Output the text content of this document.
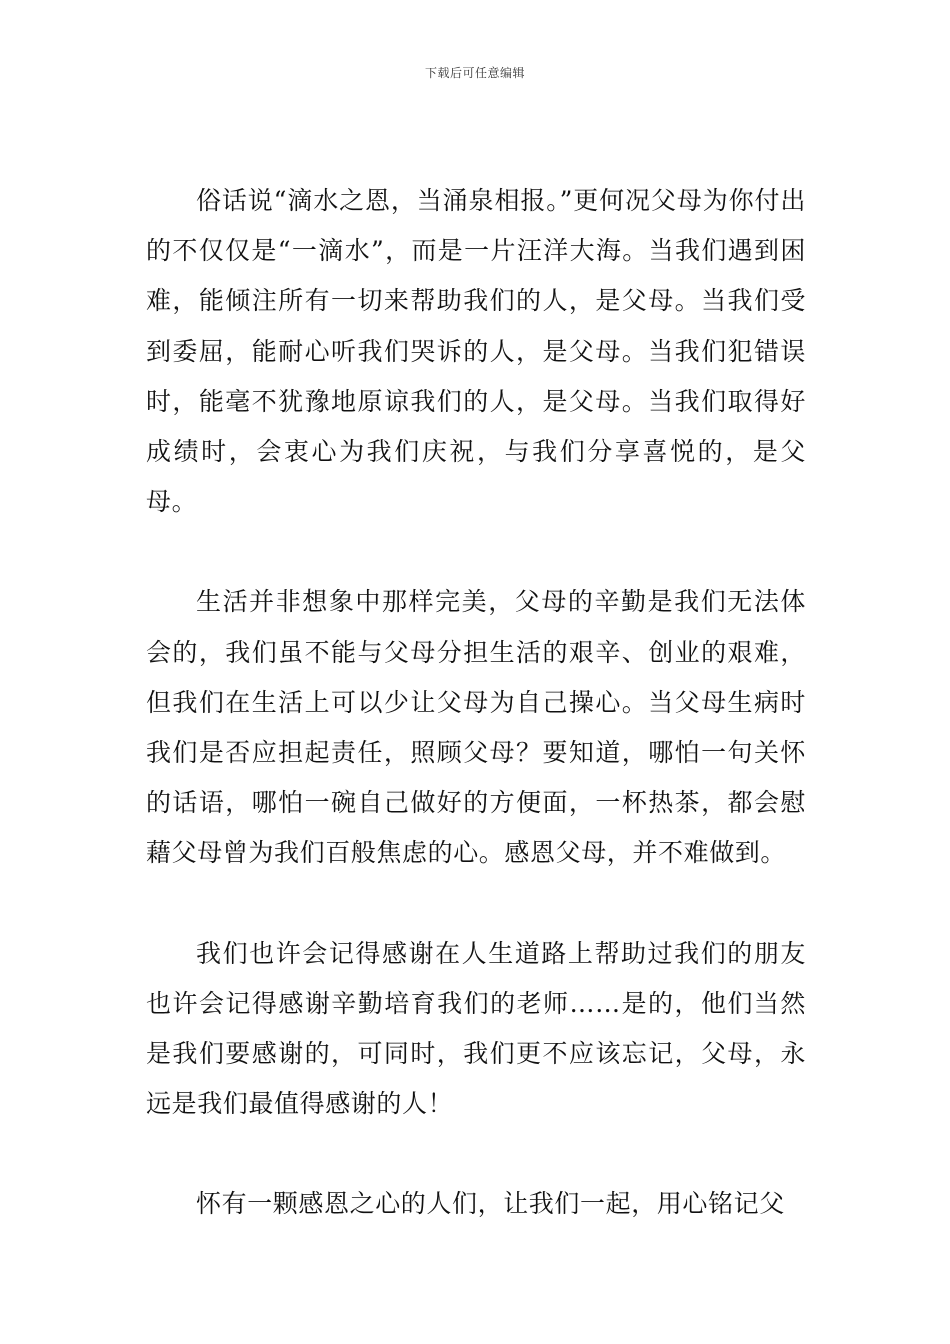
下载后可任意编辑

俗话说“滴水之恩，当涌泉相报。”更何况父母为你付出的不仅仅是“一滴水”，而是一片汪洋大海。当我们遇到困难，能倾注所有一切来帮助我们的人，是父母。当我们受到委屈，能耐心听我们哭诉的人，是父母。当我们犯错误时，能毫不犹豫地原谅我们的人，是父母。当我们取得好成绩时，会衷心为我们庆祝，与我们分享喜悦的，是父母。

生活并非想象中那样完美，父母的辛勤是我们无法体会的，我们虽不能与父母分担生活的艰辛、创业的艰难，但我们在生活上可以少让父母为自己操心。当父母生病时我们是否应担起责任，照顾父母？要知道，哪怕一句关怀的话语，哪怕一碗自己做好的方便面，一杯热茶，都会慰藉父母曾为我们百般焦虑的心。感恩父母，并不难做到。

我们也许会记得感谢在人生道路上帮助过我们的朋友也许会记得感谢辛勤培育我们的老师……是的，他们当然是我们要感谢的，可同时，我们更不应该忘记，父母，永远是我们最值得感谢的人！

怀有一颗感恩之心的人们，让我们一起，用心铭记父
